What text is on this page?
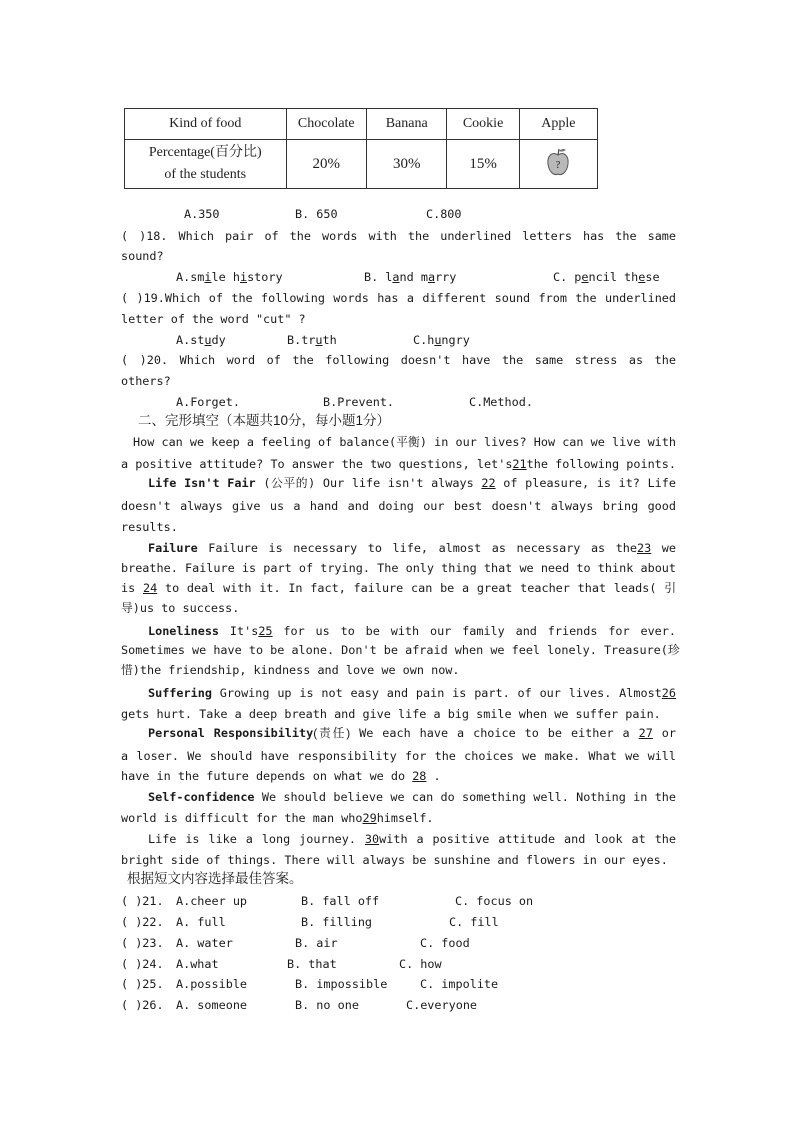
Kind of food	Chocolate	Banana	Cookie	Apple

Percentage(百分比)
of the students	20%	30%	15%	?
A.350	B. 650	C.800
( )18. Which pair of the words with the underlined letters has the same
sound?
A.smile history	B. land marry	C. pencil these
( )19.Which of the following words has a different sound from the underlined
letter of the word "cut" ?
A.study	B.truth	C.hungry
( )20. Which word of the following doesn't have the same stress as the
others?
A.Forget.	B.Prevent.	C.Method.
二、完形填空（本题共10分，每小题1分）
How can we keep a feeling of balance(平衡) in our lives? How can we live with
a positive attitude? To answer the two questions, let's21the following points.
Life Isn't Fair (公平的) Our life isn't always 22 of pleasure, is it? Life
doesn't always give us a hand and doing our best doesn't always bring good
results.
Failure Failure is necessary to life, almost as necessary as the23 we
breathe. Failure is part of trying. The only thing that we need to think about
is 24 to deal with it. In fact, failure can be a great teacher that leads( 引
导)us to success.
Loneliness It's25 for us to be with our family and friends for ever.
Sometimes we have to be alone. Don't be afraid when we feel lonely. Treasure(珍
惜)the friendship, kindness and love we own now.
Suffering Growing up is not easy and pain is part. of our lives. Almost26
gets hurt. Take a deep breath and give life a big smile when we suffer pain.
Personal Responsibility(责任) We each have a choice to be either a 27 or
a loser. We should have responsibility for the choices we make. What we will
have in the future depends on what we do 28 .
Self-confidence We should believe we can do something well. Nothing in the
world is difficult for the man who29himself.
Life is like a long journey. 30with a positive attitude and look at the
bright side of things. There will always be sunshine and flowers in our eyes.
根据短文内容选择最佳答案。
( )21. A.cheer up	B. fall off	C. focus on
( )22. A. full	B. filling	C. fill
( )23. A. water	B. air	C. food
( )24. A.what	B. that	C. how
( )25. A.possible	B. impossible	C. impolite
( )26. A. someone	B. no one	C.everyone
